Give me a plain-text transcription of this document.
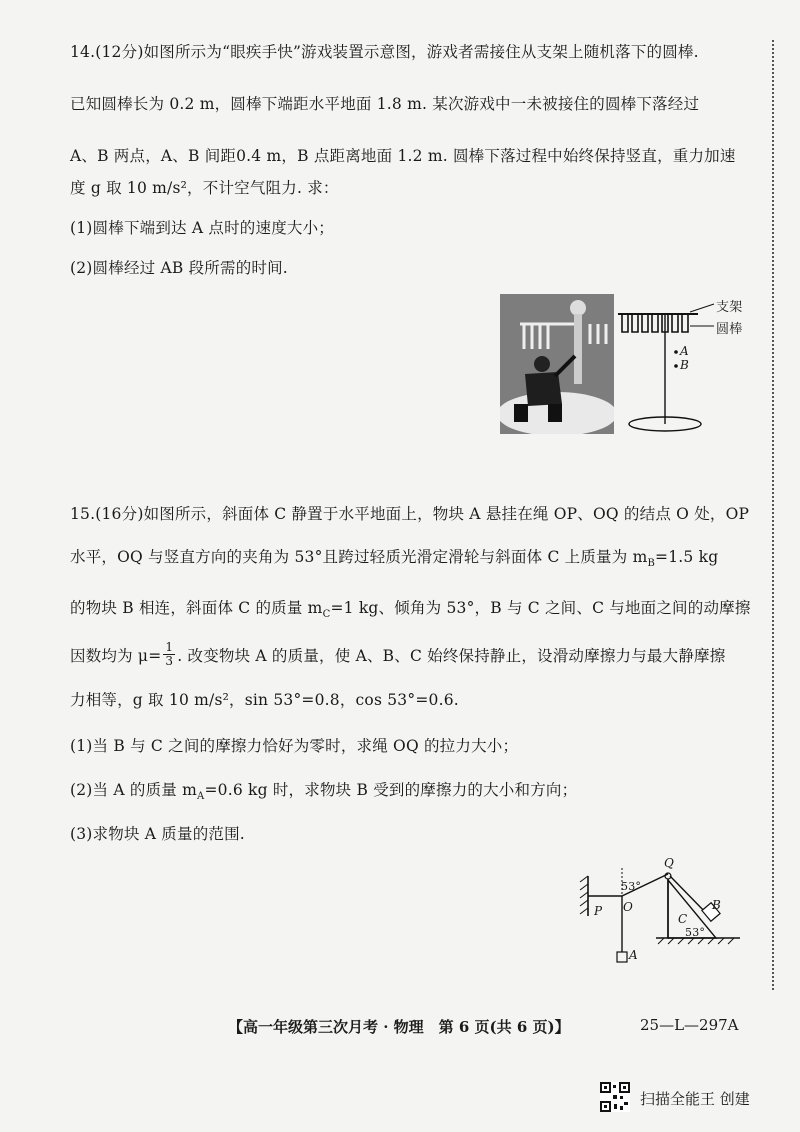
14.(12分)如图所示为“眼疾手快”游戏装置示意图，游戏者需接住从支架上随机落下的圆棒.
已知圆棒长为 0.2 m，圆棒下端距水平地面 1.8 m. 某次游戏中一未被接住的圆棒下落经过
A、B 两点，A、B 间距0.4 m，B 点距离地面 1.2 m. 圆棒下落过程中始终保持竖直，重力加速
度 g 取 10 m/s²，不计空气阻力. 求：
(1)圆棒下端到达 A 点时的速度大小；
(2)圆棒经过 AB 段所需的时间.
支架
圆棒
A
B
15.(16分)如图所示，斜面体 C 静置于水平地面上，物块 A 悬挂在绳 OP、OQ 的结点 O 处，OP
水平，OQ 与竖直方向的夹角为 53°且跨过轻质光滑定滑轮与斜面体 C 上质量为 $m_B=1.5$ kg
的物块 B 相连，斜面体 C 的质量 $m_C=1$ kg、倾角为 53°，B 与 C 之间、C 与地面之间的动摩擦
因数均为 $\mu= \frac{1}{3}$ . 改变物块 A 的质量，使 A、B、C 始终保持静止，设滑动摩擦力与最大静摩擦
力相等，g 取 10 m/s²，sin 53°=0.8，cos 53°=0.6.
(1)当 B 与 C 之间的摩擦力恰好为零时，求绳 OQ 的拉力大小；
(2)当 A 的质量 $m_A=0.6$ kg 时，求物块 B 受到的摩擦力的大小和方向；
(3)求物块 A 质量的范围.
Q
53°
P O
C
B
53°
A
【高一年级第三次月考 · 物理　第 6 页(共 6 页)】	25—L—297A
扫描全能王 创建
